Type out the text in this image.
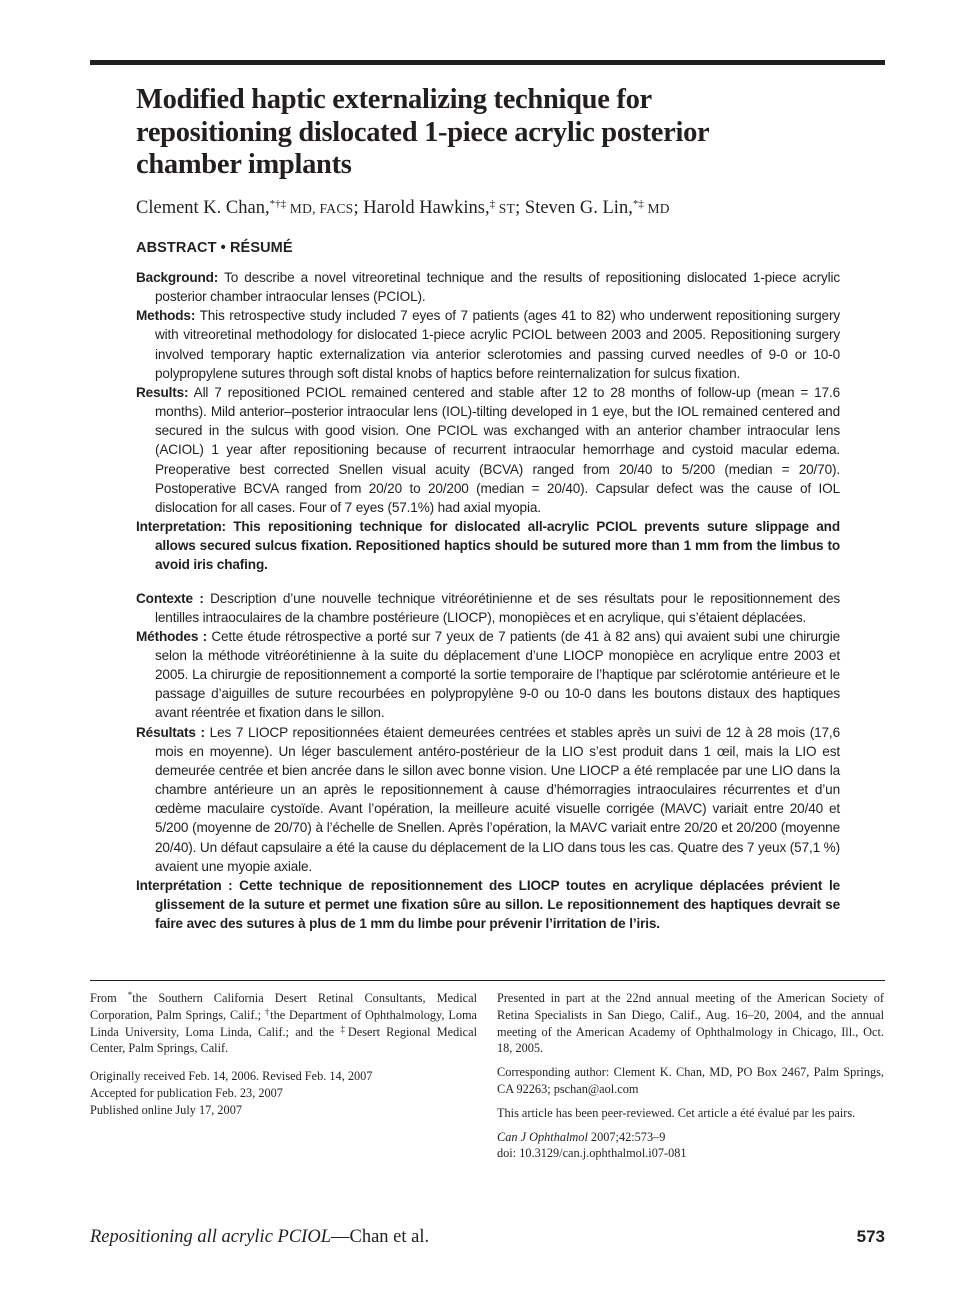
Modified haptic externalizing technique for repositioning dislocated 1-piece acrylic posterior chamber implants
Clement K. Chan,*†‡ MD, FACS; Harold Hawkins,‡ ST; Steven G. Lin,*‡ MD
ABSTRACT • RÉSUMÉ

Background: To describe a novel vitreoretinal technique and the results of repositioning dislocated 1-piece acrylic posterior chamber intraocular lenses (PCIOL).

Methods: This retrospective study included 7 eyes of 7 patients (ages 41 to 82) who underwent repositioning surgery with vitreoretinal methodology for dislocated 1-piece acrylic PCIOL between 2003 and 2005. Repositioning surgery involved temporary haptic externalization via anterior sclerotomies and passing curved needles of 9-0 or 10-0 polypropylene sutures through soft distal knobs of haptics before reinternalization for sulcus fixation.

Results: All 7 repositioned PCIOL remained centered and stable after 12 to 28 months of follow-up (mean = 17.6 months). Mild anterior–posterior intraocular lens (IOL)-tilting developed in 1 eye, but the IOL remained centered and secured in the sulcus with good vision. One PCIOL was exchanged with an anterior chamber intraocular lens (ACIOL) 1 year after repositioning because of recurrent intraocular hemorrhage and cystoid macular edema. Preoperative best corrected Snellen visual acuity (BCVA) ranged from 20/40 to 5/200 (median = 20/70). Postoperative BCVA ranged from 20/20 to 20/200 (median = 20/40). Capsular defect was the cause of IOL dislocation for all cases. Four of 7 eyes (57.1%) had axial myopia.

Interpretation: This repositioning technique for dislocated all-acrylic PCIOL prevents suture slippage and allows secured sulcus fixation. Repositioned haptics should be sutured more than 1 mm from the limbus to avoid iris chafing.

Contexte : Description d’une nouvelle technique vitréorétinienne et de ses résultats pour le repositionnement des lentilles intraoculaires de la chambre postérieure (LIOCP), monopièces et en acrylique, qui s’étaient déplacées.

Méthodes : Cette étude rétrospective a porté sur 7 yeux de 7 patients (de 41 à 82 ans) qui avaient subi une chirurgie selon la méthode vitréorétinienne à la suite du déplacement d’une LIOCP monopièce en acrylique entre 2003 et 2005. La chirurgie de repositionnement a comporté la sortie temporaire de l’haptique par sclérotomie antérieure et le passage d’aiguilles de suture recourbées en polypropylène 9-0 ou 10-0 dans les boutons distaux des haptiques avant réentrée et fixation dans le sillon.

Résultats : Les 7 LIOCP repositionnées étaient demeurées centrées et stables après un suivi de 12 à 28 mois (17,6 mois en moyenne). Un léger basculement antéro-postérieur de la LIO s’est produit dans 1 œil, mais la LIO est demeurée centrée et bien ancrée dans le sillon avec bonne vision. Une LIOCP a été remplacée par une LIO dans la chambre antérieure un an après le repositionnement à cause d’hémorragies intraoculaires récurrentes et d’un œdème maculaire cystoïde. Avant l’opération, la meilleure acuité visuelle corrigée (MAVC) variait entre 20/40 et 5/200 (moyenne de 20/70) à l’échelle de Snellen. Après l’opération, la MAVC variait entre 20/20 et 20/200 (moyenne 20/40). Un défaut capsulaire a été la cause du déplacement de la LIO dans tous les cas. Quatre des 7 yeux (57,1 %) avaient une myopie axiale.

Interprétation : Cette technique de repositionnement des LIOCP toutes en acrylique déplacées prévient le glissement de la suture et permet une fixation sûre au sillon. Le repositionnement des haptiques devrait se faire avec des sutures à plus de 1 mm du limbe pour prévenir l’irritation de l’iris.

From *the Southern California Desert Retinal Consultants, Medical Corporation, Palm Springs, Calif.; †the Department of Ophthalmology, Loma Linda University, Loma Linda, Calif.; and the ‡Desert Regional Medical Center, Palm Springs, Calif.

Originally received Feb. 14, 2006. Revised Feb. 14, 2007
Accepted for publication Feb. 23, 2007
Published online July 17, 2007

Presented in part at the 22nd annual meeting of the American Society of Retina Specialists in San Diego, Calif., Aug. 16–20, 2004, and the annual meeting of the American Academy of Ophthalmology in Chicago, Ill., Oct. 18, 2005.

Corresponding author: Clement K. Chan, MD, PO Box 2467, Palm Springs, CA 92263; pschan@aol.com

This article has been peer-reviewed. Cet article a été évalué par les pairs.

Can J Ophthalmol 2007;42:573–9
doi: 10.3129/can.j.ophthalmol.i07-081

Repositioning all acrylic PCIOL—Chan et al.	573
